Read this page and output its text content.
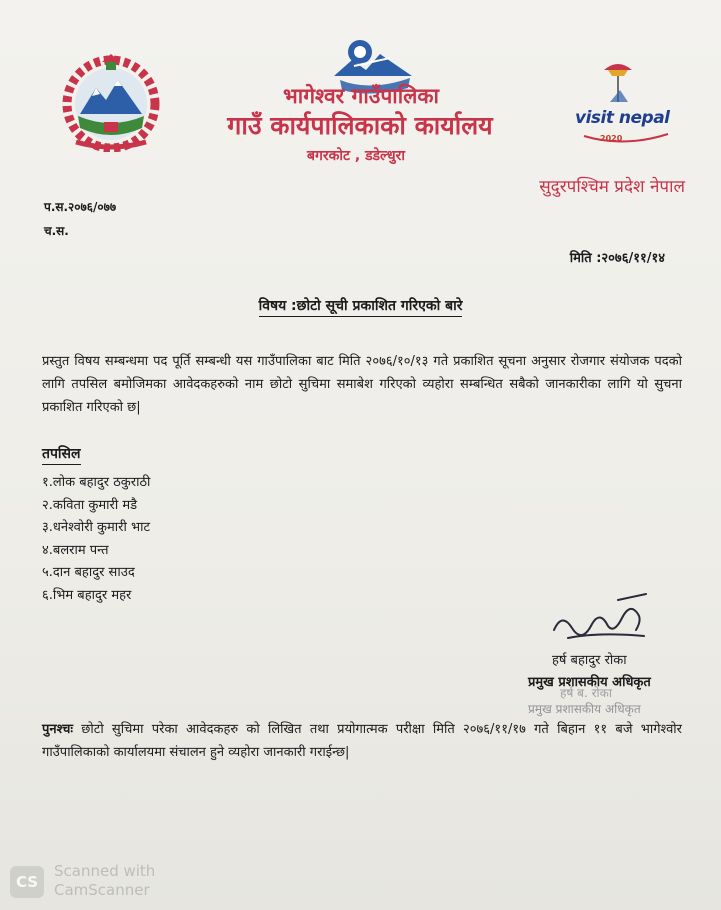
भागेश्वर गाउँपालिका
गाउँ कार्यपालिकाको कार्यालय
बगरकोट , डडेल्धुरा
visit nepal
2020
सुदुरपश्चिम प्रदेश नेपाल
प.स.२०७६/०७७
च.स.
मिति :२०७६/११/१४
विषय :छोटो सूची प्रकाशित गरिएको बारे
प्रस्तुत विषय सम्बन्धमा पद पूर्ति सम्बन्धी यस गाउँपालिका बाट मिति २०७६/१०/१३ गते प्रकाशित सूचना अनुसार रोजगार संयोजक पदको लागि तपसिल बमोजिमका आवेदकहरुको नाम छोटो सुचिमा समाबेश गरिएको व्यहोरा सम्बन्धित सबैको जानकारीका लागि यो सुचना प्रकाशित गरिएको छ|
तपसिल
१.लोक बहादुर ठकुराठी
२.कविता कुमारी मडै
३.धनेश्वोरी कुमारी भाट
४.बलराम पन्त
५.दान बहादुर साउद
६.भिम बहादुर महर
हर्ष बहादुर रोका
प्रमुख प्रशासकीय अधिकृत
हर्ष ब. रोका
प्रमुख प्रशासकीय अधिकृत
पुनश्चः छोटो सुचिमा परेका आवेदकहरु को लिखित तथा प्रयोगात्मक परीक्षा मिति २०७६/११/१७ गते बिहान ११ बजे भागेश्वोर गाउँपालिकाको कार्यालयमा संचालन हुने व्यहोरा जानकारी गराईन्छ|
CS
Scanned with
CamScanner
